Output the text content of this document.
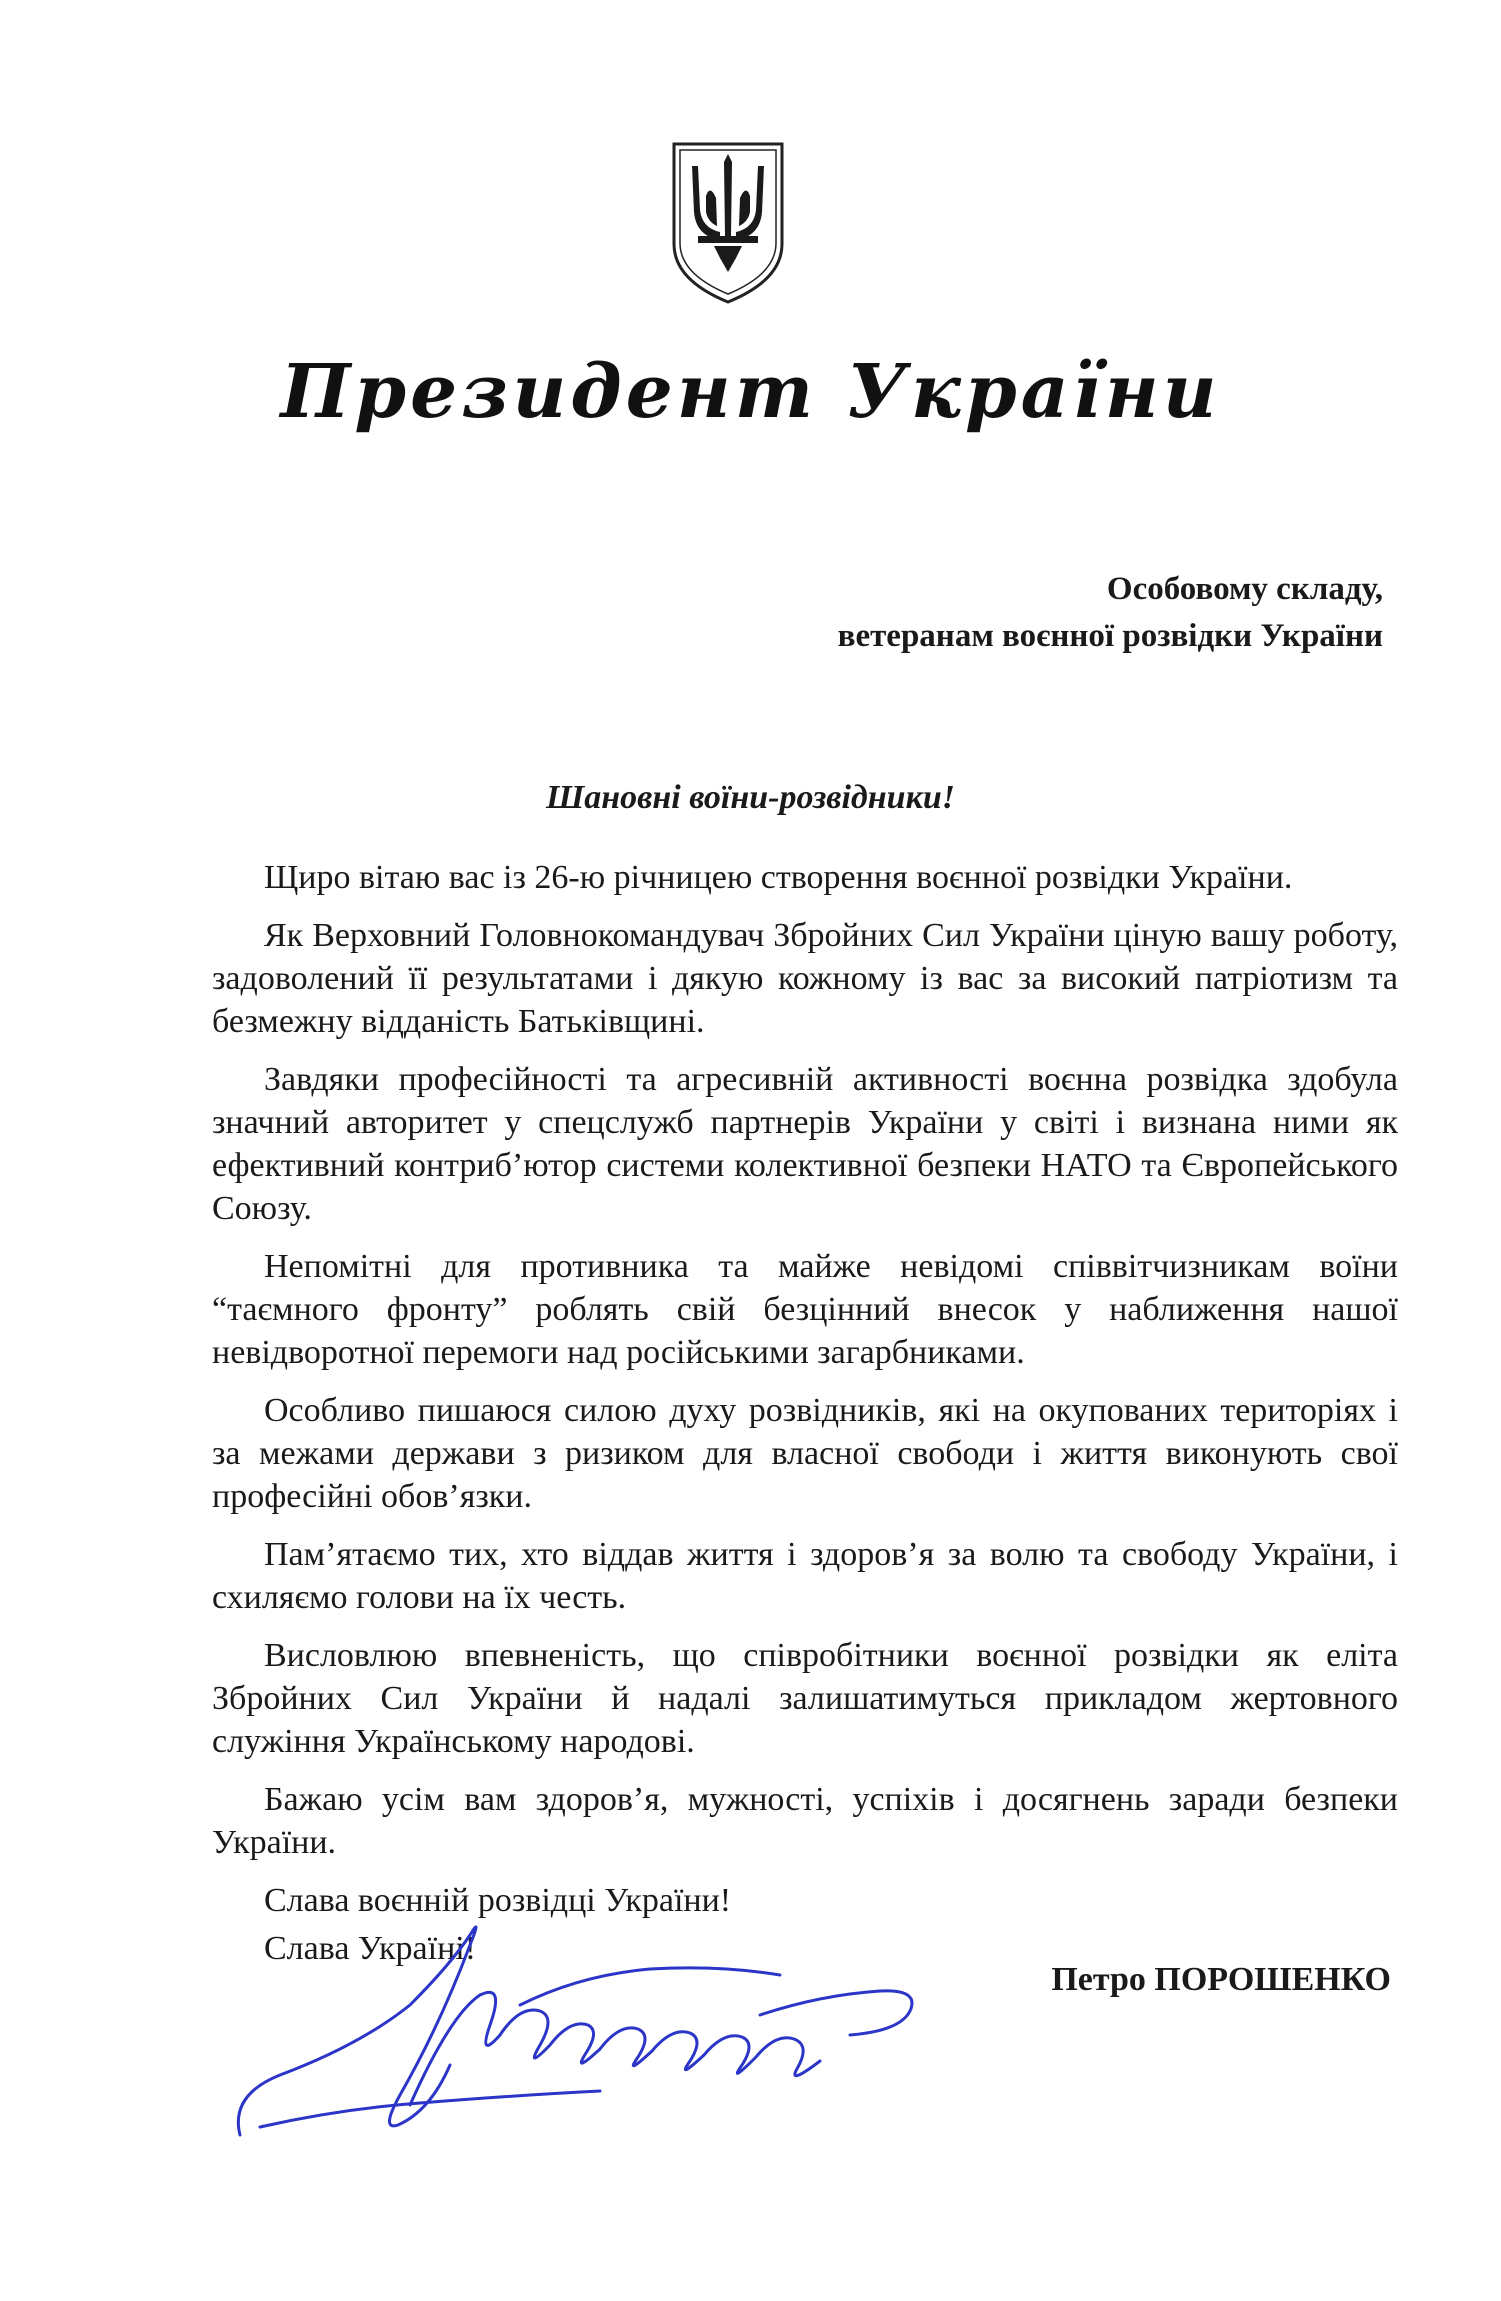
Президент України
Особовому складу,
ветеранам воєнної розвідки України
Шановні воїни-розвідники!

Щиро вітаю вас із 26-ю річницею створення воєнної розвідки України.

Як Верховний Головнокомандувач Збройних Сил України ціную вашу роботу, задоволений її результатами і дякую кожному із вас за високий патріотизм та безмежну відданість Батьківщині.

Завдяки професійності та агресивній активності воєнна розвідка здобула значний авторитет у спецслужб партнерів України у світі і визнана ними як ефективний контриб’ютор системи колективної безпеки НАТО та Європейського Союзу.

Непомітні для противника та майже невідомі співвітчизникам воїни “таємного фронту” роблять свій безцінний внесок у наближення нашої невідворотної перемоги над російськими загарбниками.

Особливо пишаюся силою духу розвідників, які на окупованих територіях і за межами держави з ризиком для власної свободи і життя виконують свої професійні обов’язки.

Пам’ятаємо тих, хто віддав життя і здоров’я за волю та свободу України, і схиляємо голови на їх честь.

Висловлюю впевненість, що співробітники воєнної розвідки як еліта Збройних Сил України й надалі залишатимуться прикладом жертовного служіння Українському народові.

Бажаю усім вам здоров’я, мужності, успіхів і досягнень заради безпеки України.

Слава воєнній розвідці України!

Слава Україні!

Петро ПОРОШЕНКО
